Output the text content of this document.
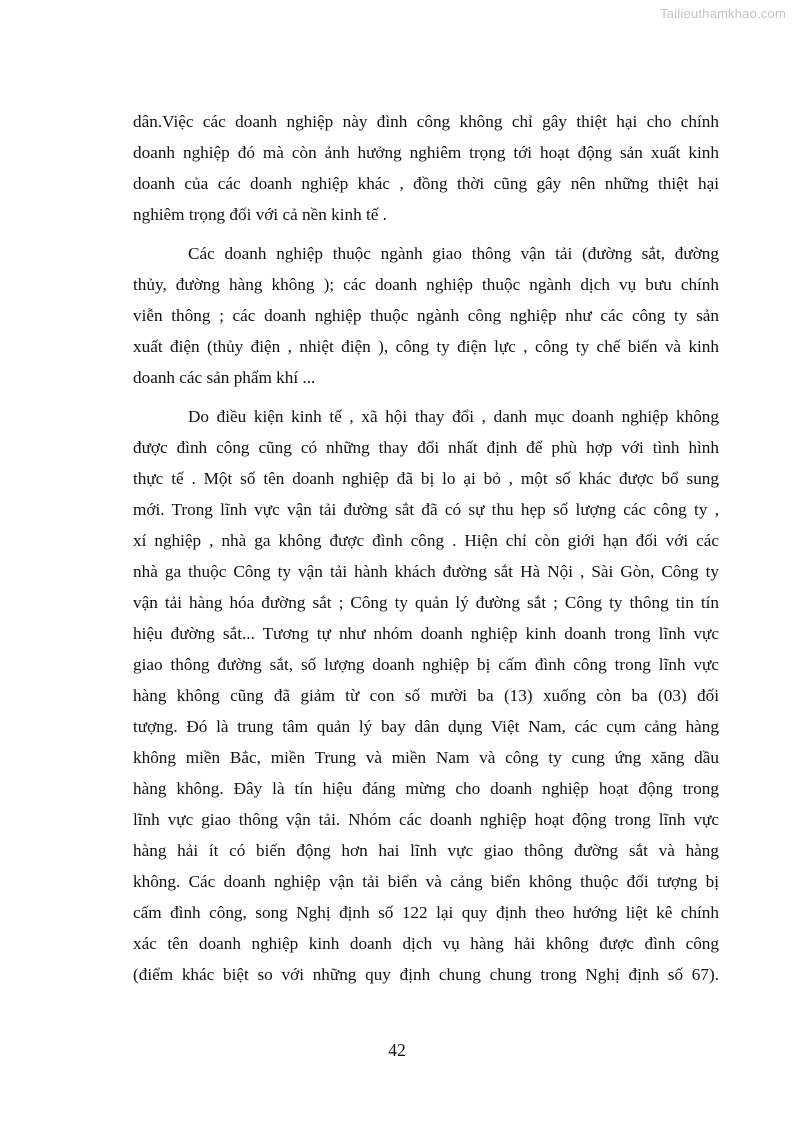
Tailieuthamkhao.com
dân.Việc các doanh nghiệp này đình công không chỉ gây thiệt hại cho chính
doanh nghiệp đó mà còn ảnh hưởng nghiêm trọng tới hoạt động sản xuất kinh
doanh của các doanh nghiệp khác , đồng thời cũng gây nên những thiệt hại
nghiêm trọng đối với cả nền kinh tế .
Các doanh nghiệp thuộc ngành giao thông vận tải (đường sắt, đường
thủy, đường hàng không ); các doanh nghiệp thuộc ngành dịch vụ bưu chính
viễn thông ; các doanh nghiệp thuộc ngành công nghiệp như các công ty sản
xuất điện (thủy điện , nhiệt điện ), công ty điện lực , công ty chế biến và kinh
doanh các sản phẩm khí ...
Do điều kiện kinh tế , xã hội thay đổi , danh mục doanh nghiệp không
được đình công cũng có những thay đổi nhất định để phù hợp với tình hình
thực tế . Một số tên doanh nghiệp đã bị lo ại bỏ , một số khác được bổ sung
mới. Trong lĩnh vực vận tải đường sắt đã có sự thu hẹp số lượng các công ty ,
xí nghiệp , nhà ga không được đình công . Hiện chỉ còn giới hạn đối với các
nhà ga thuộc Công ty vận tải hành khách đường sắt Hà Nội , Sài Gòn, Công ty
vận tải hàng hóa đường sắt ; Công ty quản lý đường sắt ; Công ty thông tin tín
hiệu đường sắt... Tương tự như nhóm doanh nghiệp kinh doanh trong lĩnh vực
giao thông đường sắt, số lượng doanh nghiệp bị cấm đình công trong lĩnh vực
hàng không cũng đã giảm từ con số mười ba (13) xuống còn ba (03) đối
tượng. Đó là trung tâm quản lý bay dân dụng Việt Nam, các cụm cảng hàng
không miền Bắc, miền Trung và miền Nam và công ty cung ứng xăng dầu
hàng không. Đây là tín hiệu đáng mừng cho doanh nghiệp hoạt động trong
lĩnh vực giao thông vận tải. Nhóm các doanh nghiệp hoạt động trong lĩnh vực
hàng hải ít có biến động hơn hai lĩnh vực giao thông đường sắt và hàng
không. Các doanh nghiệp vận tải biển và cảng biển không thuộc đối tượng bị
cấm đình công, song Nghị định số 122 lại quy định theo hướng liệt kê chính
xác tên doanh nghiệp kinh doanh dịch vụ hàng hải không được đình công
(điểm khác biệt so với những quy định chung chung trong Nghị định số 67).
42
